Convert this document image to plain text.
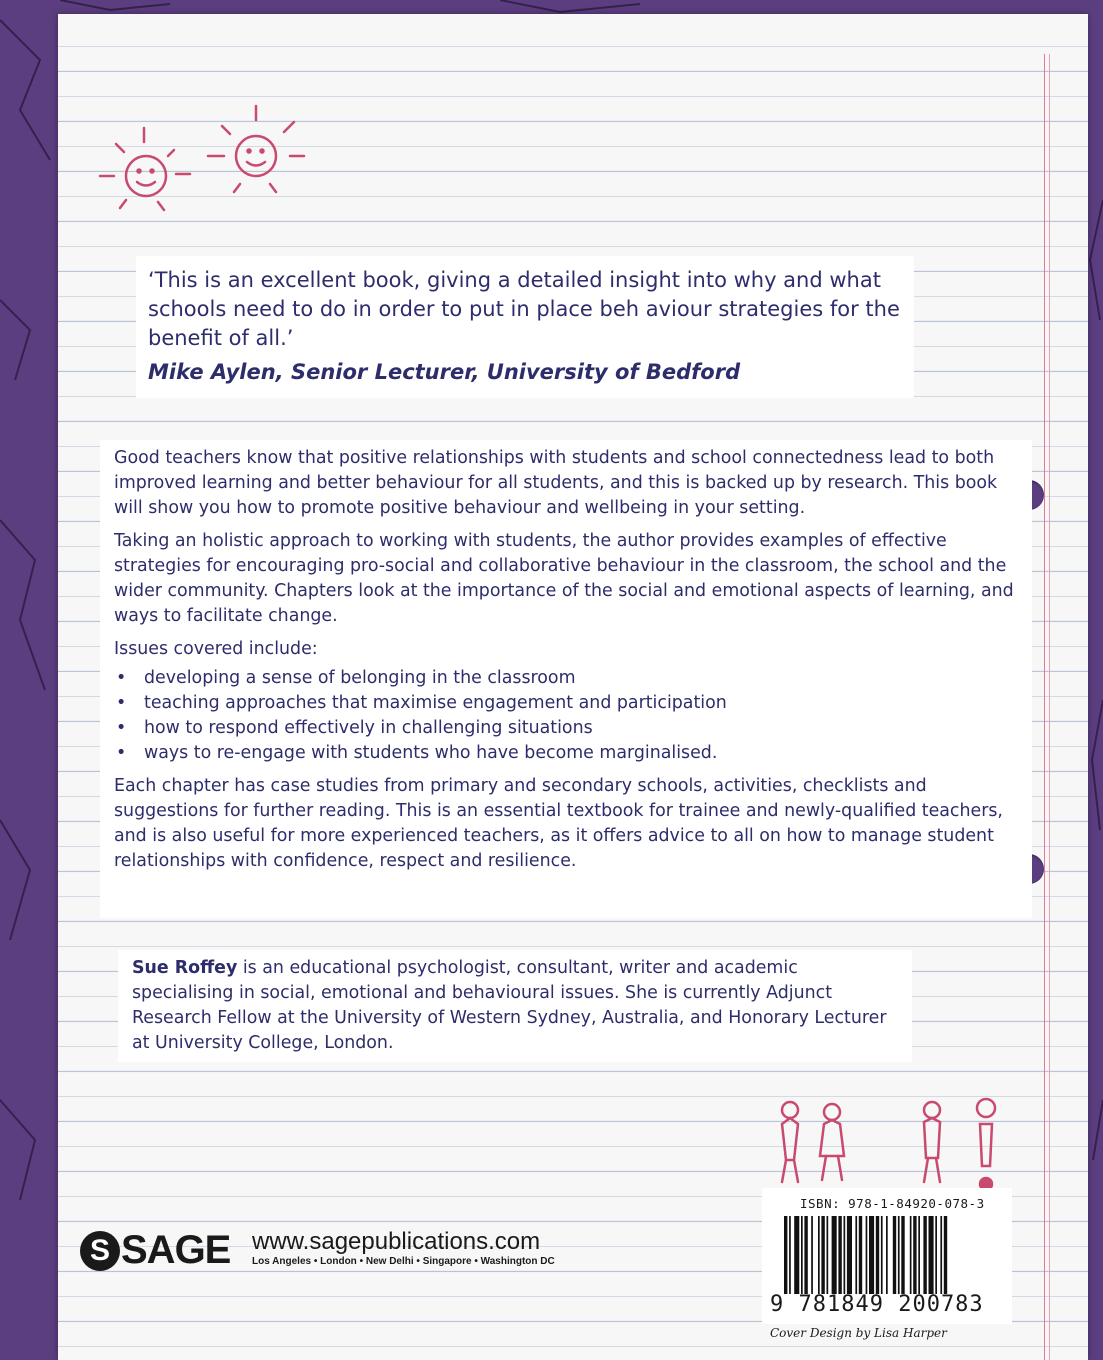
‘This is an excellent book, giving a detailed insight into why and what schools need to do in order to put in place beh aviour strategies for the benefit of all.’

Mike Aylen, Senior Lecturer, University of Bedford

Good teachers know that positive relationships with students and school connectedness lead to both improved learning and better behaviour for all students, and this is backed up by research. This book will show you how to promote positive behaviour and wellbeing in your setting.

Taking an holistic approach to working with students, the author provides examples of effective strategies for encouraging pro-social and collaborative behaviour in the classroom, the school and the wider community. Chapters look at the importance of the social and emotional aspects of learning, and ways to facilitate change.

Issues covered include:

• developing a sense of belonging in the classroom
• teaching approaches that maximise engagement and participation
• how to respond effectively in challenging situations
• ways to re-engage with students who have become marginalised.

Each chapter has case studies from primary and secondary schools, activities, checklists and suggestions for further reading. This is an essential textbook for trainee and newly-qualified teachers, and is also useful for more experienced teachers, as it offers advice to all on how to manage student relationships with confidence, respect and resilience.

Sue Roffey is an educational psychologist, consultant, writer and academic specialising in social, emotional and behavioural issues. She is currently Adjunct Research Fellow at the University of Western Sydney, Australia, and Honorary Lecturer at University College, London.
S SAGE www.sagepublications.com
Los Angeles • London • New Delhi • Singapore • Washington DC
ISBN: 978-1-84920-078-3
9 781849 200783
Cover Design by Lisa Harper
